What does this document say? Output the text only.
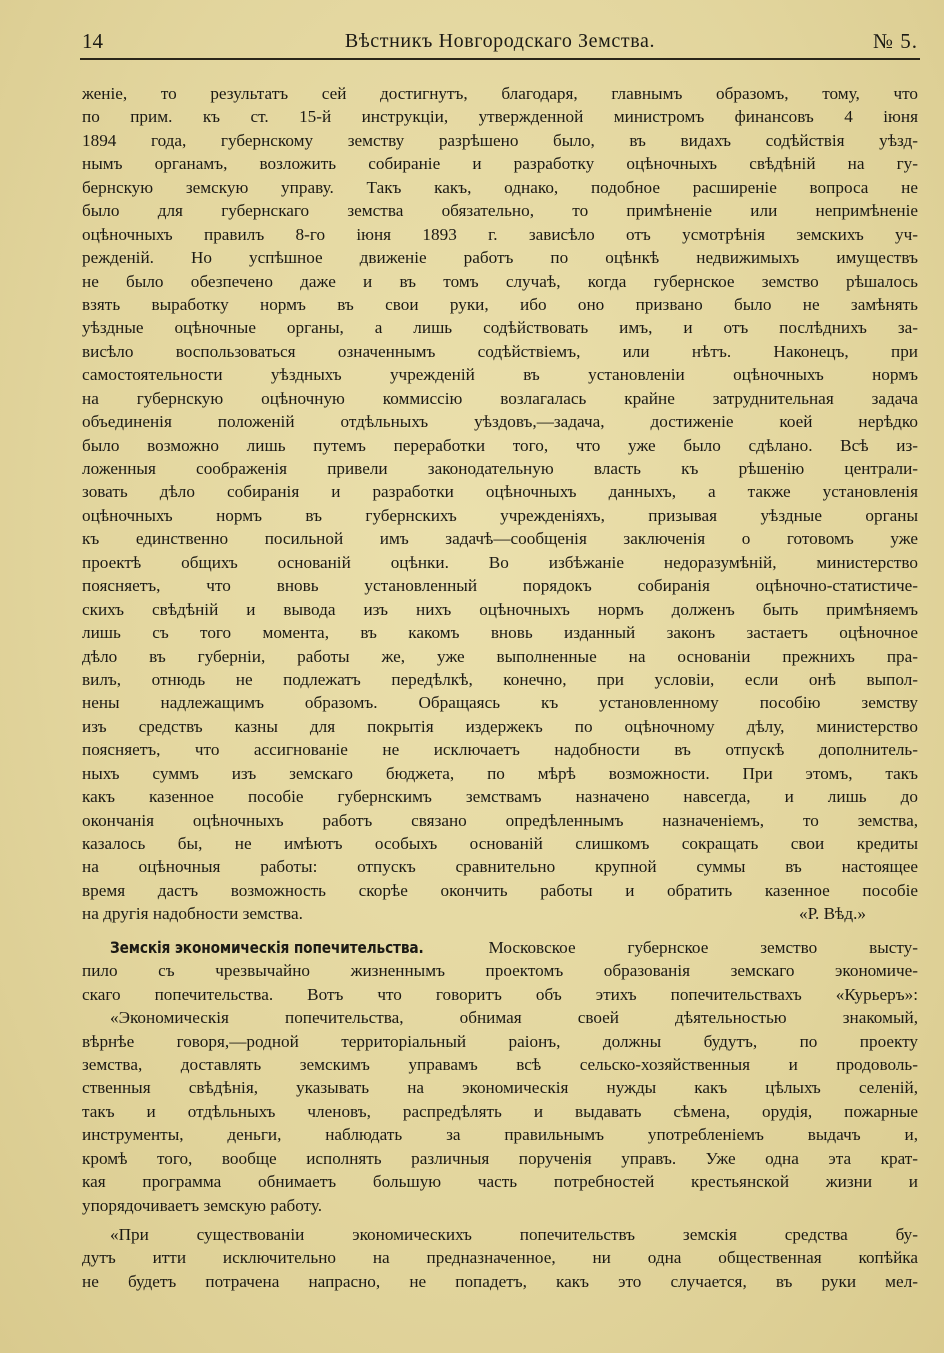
14	Вѣстникъ Новгородскаго Земства.	№ 5.
женіе, то результатъ сей достигнутъ, благодаря, главнымъ образомъ, тому, что
по прим. къ ст. 15-й инструкціи, утвержденной министромъ финансовъ 4 іюня
1894 года, губернскому земству разрѣшено было, въ видахъ содѣйствія уѣзд-
нымъ органамъ, возложить собираніе и разработку оцѣночныхъ свѣдѣній на гу-
бернскую земскую управу. Такъ какъ, однако, подобное расширеніе вопроса не
было для губернскаго земства обязательно, то примѣненіе или непримѣненіе
оцѣночныхъ правилъ 8-го іюня 1893 г. зависѣло отъ усмотрѣнія земскихъ уч-
режденій. Но успѣшное движеніе работъ по оцѣнкѣ недвижимыхъ имуществъ
не было обезпечено даже и въ томъ случаѣ, когда губернское земство рѣшалось
взять выработку нормъ въ свои руки, ибо оно призвано было не замѣнять
уѣздные оцѣночные органы, а лишь содѣйствовать имъ, и отъ послѣднихъ за-
висѣло воспользоваться означеннымъ содѣйствіемъ, или нѣтъ. Наконецъ, при
самостоятельности уѣздныхъ учрежденій въ установленіи оцѣночныхъ нормъ
на губернскую оцѣночную коммиссію возлагалась крайне затруднительная задача
объединенія положеній отдѣльныхъ уѣздовъ,—задача, достиженіе коей нерѣдко
было возможно лишь путемъ переработки того, что уже было сдѣлано. Всѣ из-
ложенныя соображенія привели законодательную власть къ рѣшенію централи-
зовать дѣло собиранія и разработки оцѣночныхъ данныхъ, а также установленія
оцѣночныхъ нормъ въ губернскихъ учрежденіяхъ, призывая уѣздные органы
къ единственно посильной имъ задачѣ—сообщенія заключенія о готовомъ уже
проектѣ общихъ основаній оцѣнки. Во избѣжаніе недоразумѣній, министерство
поясняетъ, что вновь установленный порядокъ собиранія оцѣночно-статистиче-
скихъ свѣдѣній и вывода изъ нихъ оцѣночныхъ нормъ долженъ быть примѣняемъ
лишь съ того момента, въ какомъ вновь изданный законъ застаетъ оцѣночное
дѣло въ губерніи, работы же, уже выполненные на основаніи прежнихъ пра-
вилъ, отнюдь не подлежатъ передѣлкѣ, конечно, при условіи, если онѣ выпол-
нены надлежащимъ образомъ. Обращаясь къ установленному пособію земству
изъ средствъ казны для покрытія издержекъ по оцѣночному дѣлу, министерство
поясняетъ, что ассигнованіе не исключаетъ надобности въ отпускѣ дополнитель-
ныхъ суммъ изъ земскаго бюджета, по мѣрѣ возможности. При этомъ, такъ
какъ казенное пособіе губернскимъ земствамъ назначено навсегда, и лишь до
окончанія оцѣночныхъ работъ связано опредѣленнымъ назначеніемъ, то земства,
казалось бы, не имѣютъ особыхъ основаній слишкомъ сокращать свои кредиты
на оцѣночныя работы: отпускъ сравнительно крупной суммы въ настоящее
время дастъ возможность скорѣе окончить работы и обратить казенное пособіе
на другія надобности земства.	«Р. Вѣд.»
Земскія экономическія попечительства.	Московское губернское земство высту-
пило съ чрезвычайно жизненнымъ проектомъ образованія земскаго экономиче-
скаго попечительства. Вотъ что говоритъ объ этихъ попечительствахъ «Курьеръ»:
«Экономическія попечительства, обнимая своей дѣятельностью знакомый,
вѣрнѣе говоря,—родной территоріальный раіонъ, должны будутъ, по проекту
земства, доставлять земскимъ управамъ всѣ сельско-хозяйственныя и продоволь-
ственныя свѣдѣнія, указывать на экономическія нужды какъ цѣлыхъ селеній,
такъ и отдѣльныхъ членовъ, распредѣлять и выдавать сѣмена, орудія, пожарные
инструменты, деньги, наблюдать за правильнымъ употребленіемъ выдачъ и,
кромѣ того, вообще исполнять различныя порученія управъ. Уже одна эта крат-
кая программа обнимаетъ большую часть потребностей крестьянской жизни и
упорядочиваетъ земскую работу.
«При существованіи экономическихъ попечительствъ земскія средства бу-
дутъ итти исключительно на предназначенное, ни одна общественная копѣйка
не будетъ потрачена напрасно, не попадетъ, какъ это случается, въ руки мел-
